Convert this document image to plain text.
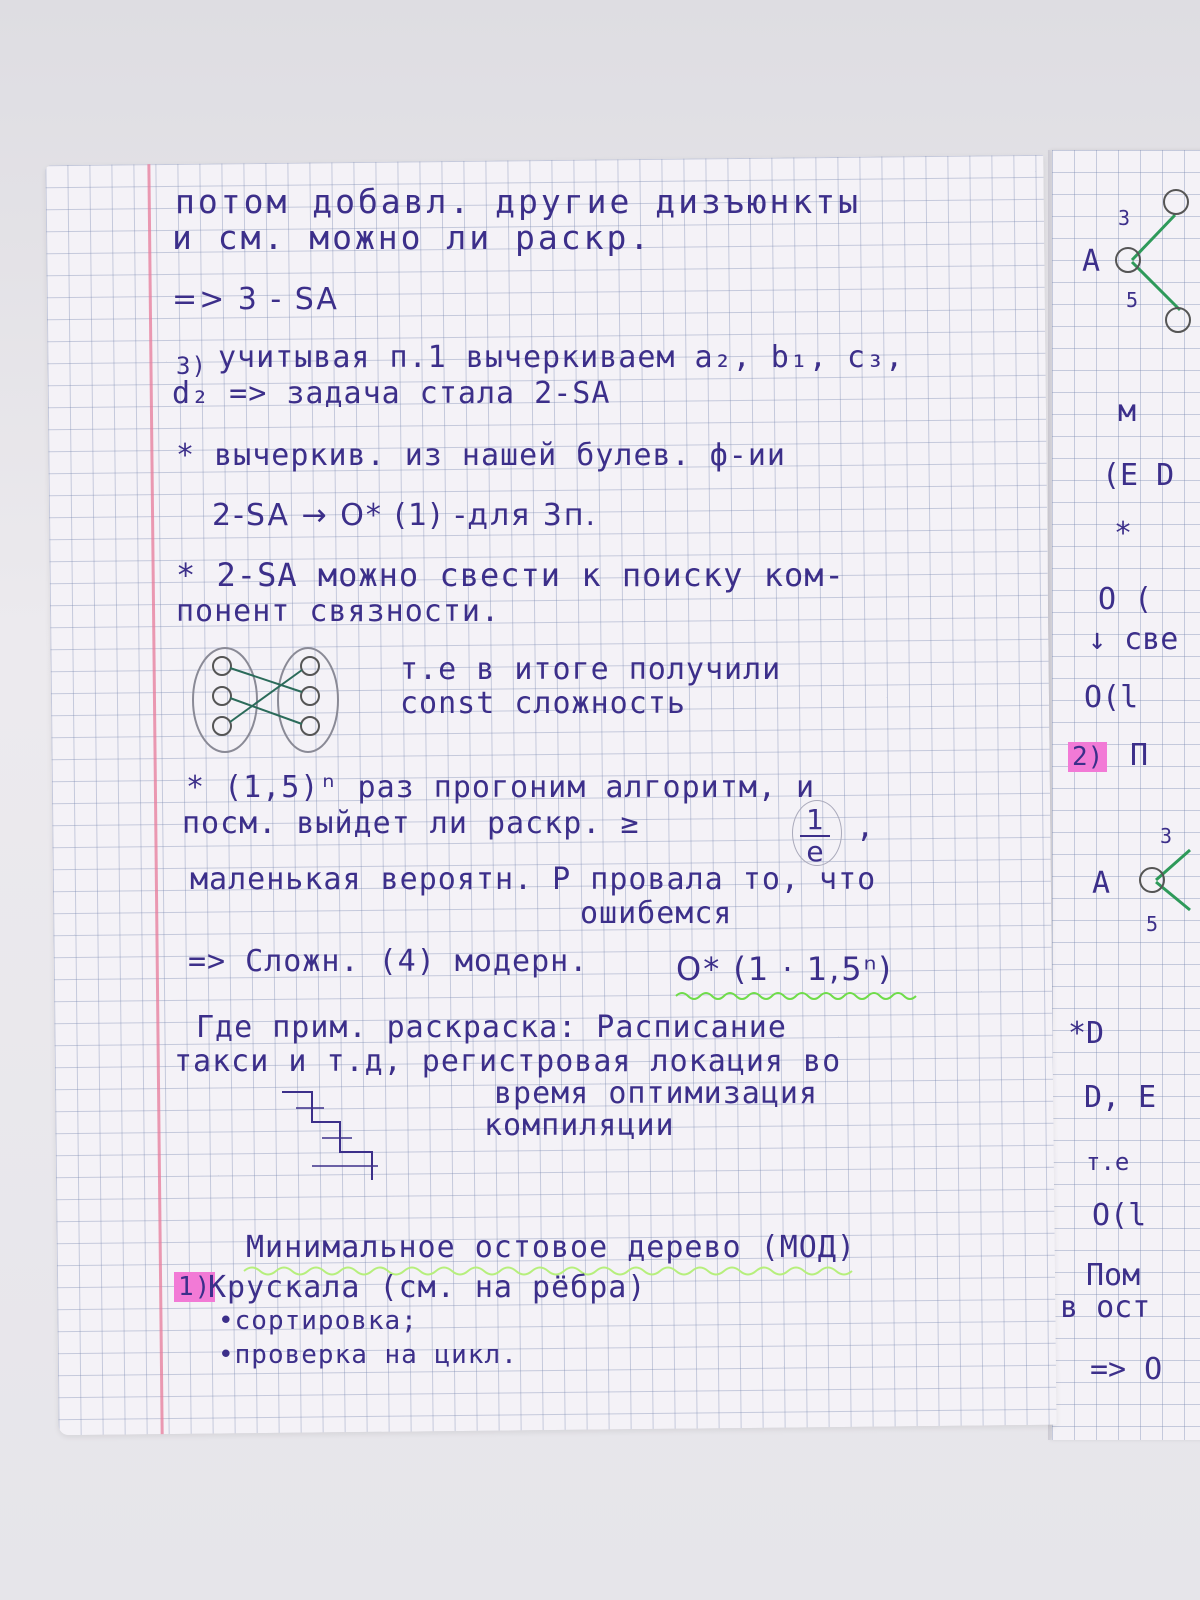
A
3
5
м
(E D
*
O (
↓ све
O(l
2) П
3
A
5
*D
D, E
т.е
O(l
Пом
в ост
=> O
потом добавл. другие дизъюнкты
и см. можно ли раскр.
=> 3 - SA
3) учитывая п.1 вычеркиваем a₂, b₁, c₃,
d₂ => задача стала 2-SA
* вычеркив. из нашей булев. ф-ии
2-SA → O* (1) -для 3п.
* 2-SA можно свести к поиску ком-
понент связности.
т.е в итоге получили
const сложность
* (1,5)ⁿ раз прогоним алгоритм, и
посм. выйдет ли раскр. ≥	1
e
,
маленькая вероятн. P провала то, что
ошибемся
=> Сложн. (4) модерн.	O* (1 · 1,5ⁿ)
Где прим. раскраска: Расписание
такси и т.д, регистровая локация во
время оптимизация
компиляции
Минимальное остовое дерево (МОД)
1)
Крускала (см. на рёбра)
•сортировка;
•проверка на цикл.
